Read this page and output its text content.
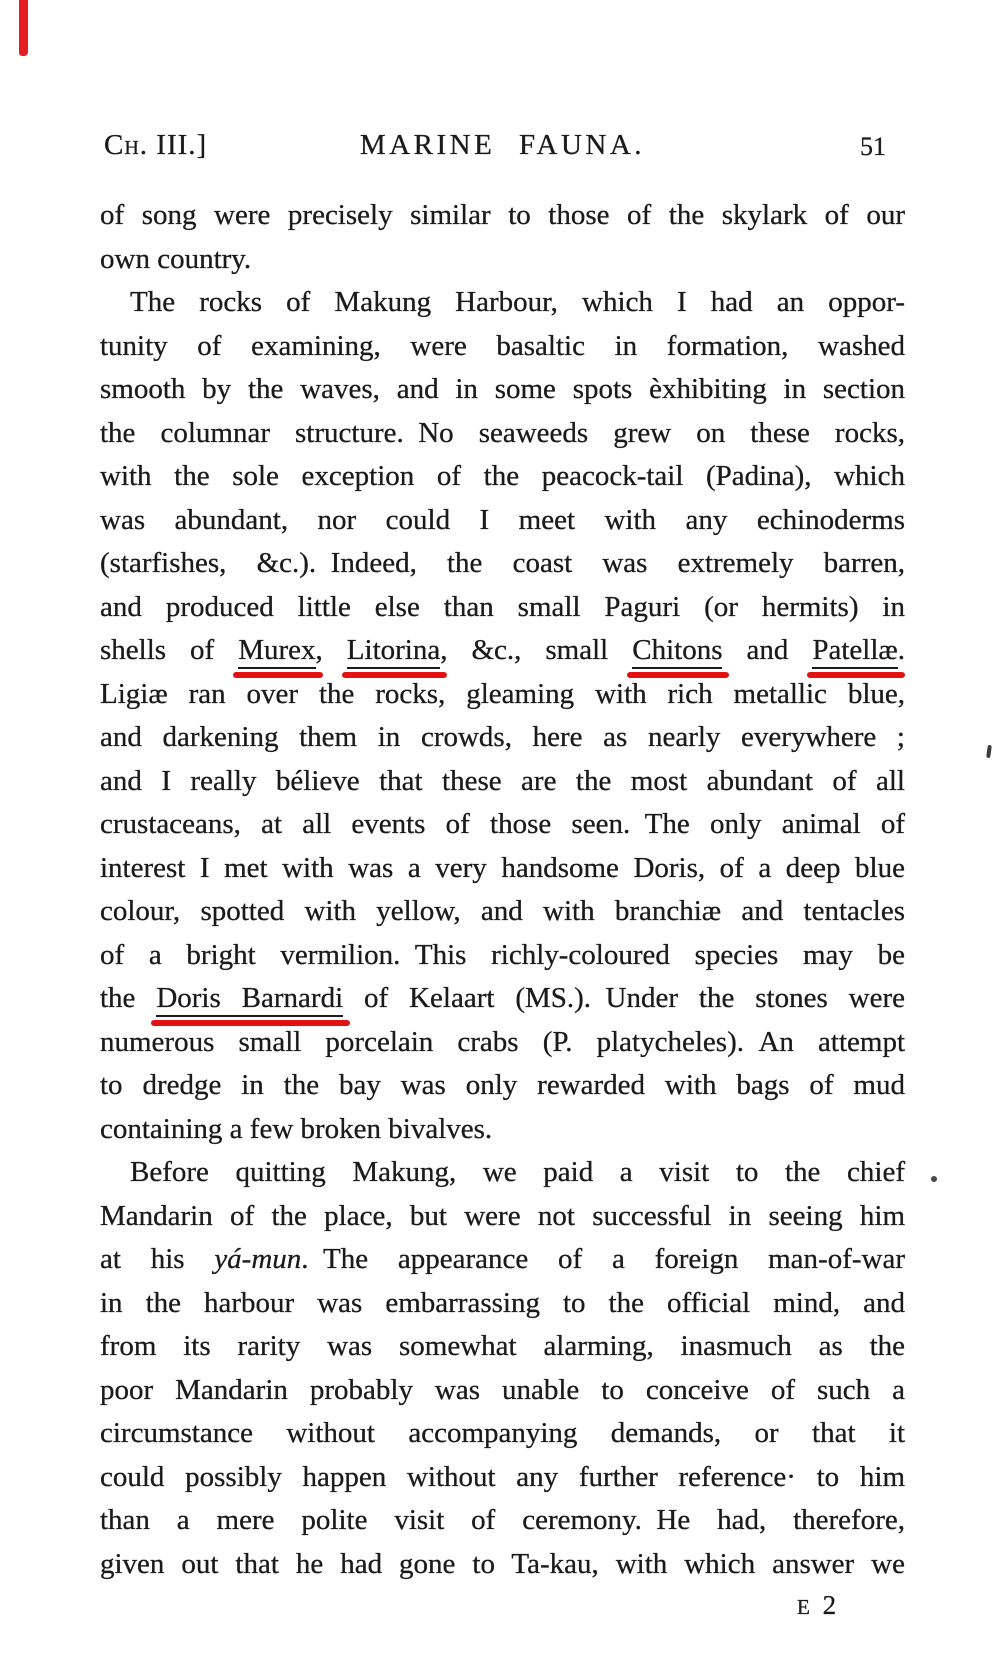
Ch. III.]	MARINE FAUNA.	51
of song were precisely similar to those of the skylark of our
own country.
The rocks of Makung Harbour, which I had an oppor-
tunity of examining, were basaltic in formation, washed
smooth by the waves, and in some spots èxhibiting in section
the columnar structure. No seaweeds grew on these rocks,
with the sole exception of the peacock-tail (Padina), which
was abundant, nor could I meet with any echinoderms
(starfishes, &c.). Indeed, the coast was extremely barren,
and produced little else than small Paguri (or hermits) in
shells of Murex, Litorina, &c., small Chitons and Patellæ.
Ligiæ ran over the rocks, gleaming with rich metallic blue,
and darkening them in crowds, here as nearly everywhere ;
and I really bélieve that these are the most abundant of all
crustaceans, at all events of those seen. The only animal of
interest I met with was a very handsome Doris, of a deep blue
colour, spotted with yellow, and with branchiæ and tentacles
of a bright vermilion. This richly-coloured species may be
the Doris Barnardi of Kelaart (MS.). Under the stones were
numerous small porcelain crabs (P. platycheles). An attempt
to dredge in the bay was only rewarded with bags of mud
containing a few broken bivalves.
Before quitting Makung, we paid a visit to the chief
Mandarin of the place, but were not successful in seeing him
at his yá-mun. The appearance of a foreign man-of-war
in the harbour was embarrassing to the official mind, and
from its rarity was somewhat alarming, inasmuch as the
poor Mandarin probably was unable to conceive of such a
circumstance without accompanying demands, or that it
could possibly happen without any further reference· to him
than a mere polite visit of ceremony. He had, therefore,
given out that he had gone to Ta-kau, with which answer we
E 2
